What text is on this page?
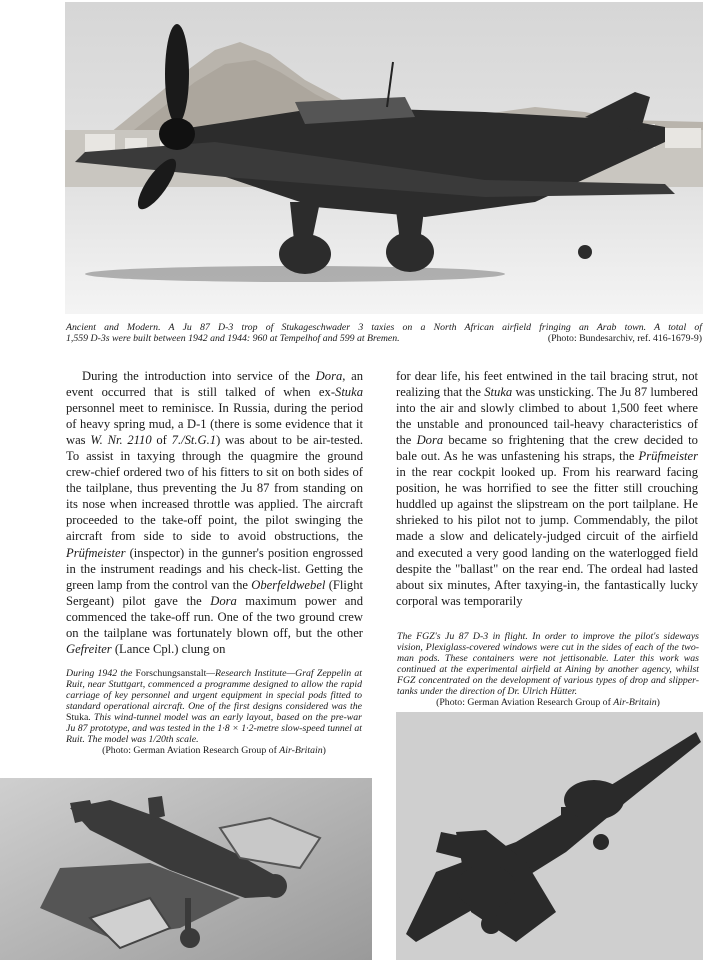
Ancient and Modern. A Ju 87 D-3 trop of Stukageschwader 3 taxies on a North African airfield fringing an Arab town. A total of
1,559 D-3s were built between 1942 and 1944: 960 at Tempelhof and 599 at Bremen.	(Photo: Bundesarchiv, ref. 416-1679-9)

During the introduction into service of the Dora, an event occurred that is still talked of when ex-Stuka personnel meet to reminisce. In Russia, during the period of heavy spring mud, a D-1 (there is some evidence that it was W. Nr. 2110 of 7./St.G.1) was about to be air-tested. To assist in taxying through the quagmire the ground crew-chief ordered two of his fitters to sit on both sides of the tailplane, thus preventing the Ju 87 from standing on its nose when increased throttle was applied. The aircraft proceeded to the take-off point, the pilot swinging the aircraft from side to side to avoid obstructions, the Prüfmeister (inspector) in the gunner's position engrossed in the instrument readings and his check-list. Getting the green lamp from the control van the Oberfeldwebel (Flight Sergeant) pilot gave the Dora maximum power and commenced the take-off run. One of the two ground crew on the tailplane was fortunately blown off, but the other Gefreiter (Lance Cpl.) clung on

for dear life, his feet entwined in the tail bracing strut, not realizing that the Stuka was unsticking. The Ju 87 lumbered into the air and slowly climbed to about 1,500 feet where the unstable and pronounced tail-heavy characteristics of the Dora became so frightening that the crew decided to bale out. As he was unfastening his straps, the Prüfmeister in the rear cockpit looked up. From his rearward facing position, he was horrified to see the fitter still crouching huddled up against the slipstream on the port tailplane. He shrieked to his pilot not to jump. Commendably, the pilot made a slow and delicately-judged circuit of the airfield and executed a very good landing on the waterlogged field despite the "ballast" on the rear end. The ordeal had lasted about six minutes, After taxying-in, the fantastically lucky corporal was temporarily

During 1942 the Forschungsanstalt—Research Institute—Graf Zeppelin at Ruit, near Stuttgart, commenced a programme designed to allow the rapid carriage of key personnel and urgent equipment in special pods fitted to standard operational aircraft. One of the first designs considered was the Stuka. This wind-tunnel model was an early layout, based on the pre-war Ju 87 prototype, and was tested in the 1·8 × 1·2-metre slow-speed tunnel at Ruit. The model was 1/20th scale.
(Photo: German Aviation Research Group of Air-Britain)
The FGZ's Ju 87 D-3 in flight. In order to improve the pilot's sideways vision, Plexiglass-covered windows were cut in the sides of each of the two-man pods. These containers were not jettisonable. Later this work was continued at the experimental airfield at Aining by another agency, whilst FGZ concentrated on the development of various types of drop and slipper-tanks under the direction of Dr. Ulrich Hütter.
(Photo: German Aviation Research Group of Air-Britain)
